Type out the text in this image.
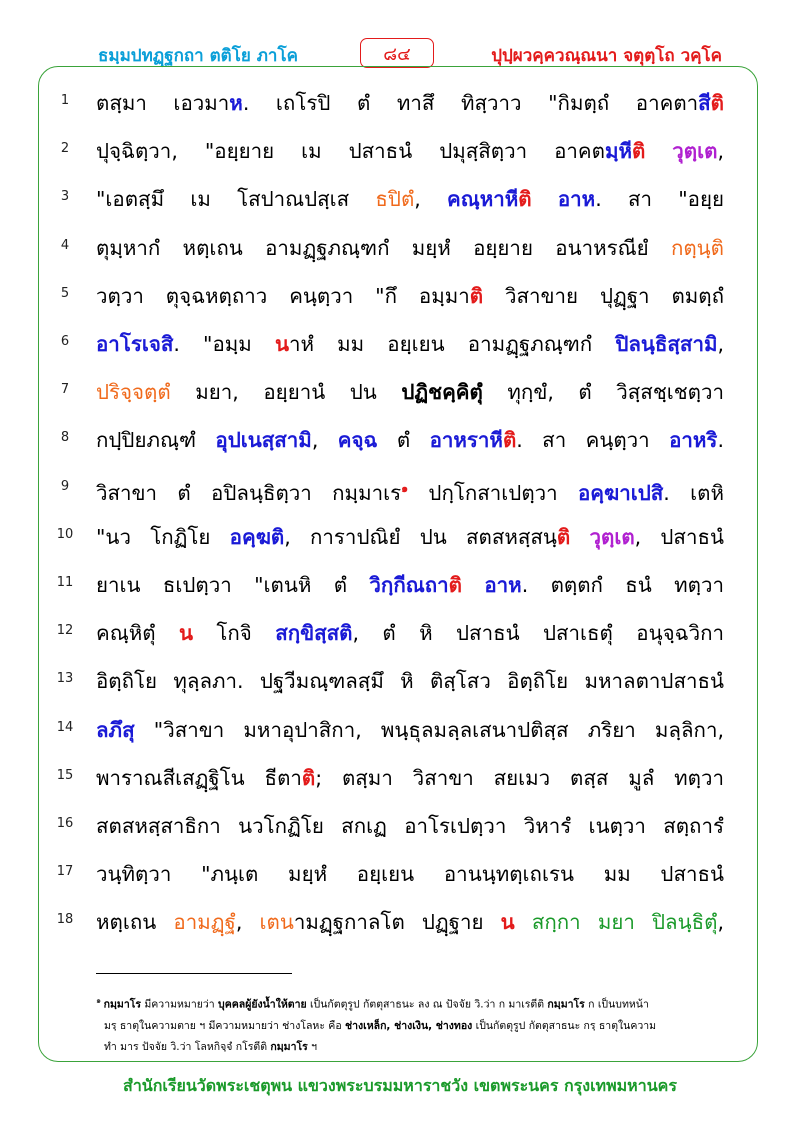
ธมฺมปทฏฺฐกถา ตติโย ภาโค	๘๔	ปุปฺผวคฺควณฺณนา จตุตฺโถ วคฺโค
1	ตสฺมา เอวมาห. เถโรปิ ตํ ทาสึ ทิสฺวาว "กิมตฺถํ อาคตาสีติ
2	ปุจฺฉิตฺวา, "อยฺยาย เม ปสาธนํ ปมุสฺสิตฺวา อาคตมฺหีติ วุตฺเต,
3	"เอตสฺมึ เม โสปาณปสฺเส ธปิตํ, คณฺหาหีติ อาห. สา "อยฺย
4	ตุมฺหากํ หตฺเถน อามฏฺฐภณฺฑกํ มยฺหํ อยฺยาย อนาหรณียํ กตฺนฺติ
5	วตฺวา ตุจฺฉหตฺถาว คนฺตฺวา "กึ อมฺมาติ วิสาขาย ปุฏฺฐา ตมตฺถํ
6	อาโรเจสิ. "อมฺม นาหํ มม อยฺเยน อามฏฺฐภณฺฑกํ ปิลนฺธิสฺสามิ,
7	ปริจฺจตฺตํ มยา, อยฺยานํ ปน ปฏิชคฺคิตุํ ทุกฺขํ, ตํ วิสฺสชฺเชตฺวา
8	กปฺปิยภณฺฑํ อุปเนสฺสามิ, คจฺฉ ตํ อาหราหีติ. สา คนฺตฺวา อาหริ.
9	วิสาขา ตํ อปิลนฺธิตฺวา กมฺมาเร$^๑$ ปกฺโกสาเปตฺวา อคฺฆาเปสิ. เตหิ
10	"นว โกฏิโย อคฺฆติ, การาปณิยํ ปน สตสหสฺสนฺติ วุตฺเต, ปสาธนํ
11	ยาเน ธเปตฺวา "เตนหิ ตํ วิกฺกีณถาติ อาห. ตตฺตกํ ธนํ ทตฺวา
12	คณฺหิตุํ น โกจิ สกฺขิสฺสติ, ตํ หิ ปสาธนํ ปสาเธตุํ อนุจฺฉวิกา
13	อิตฺถิโย ทุลฺลภา. ปฐวีมณฺฑลสฺมึ หิ ติสฺโสว อิตฺถิโย มหาลตาปสาธนํ
14	ลภึสุ "วิสาขา มหาอุปาสิกา, พนฺธุลมลฺลเสนาปติสฺส ภริยา มลฺลิกา,
15	พาราณสีเสฏฺฐิโน ธีตาติ; ตสฺมา วิสาขา สยเมว ตสฺส มูลํ ทตฺวา
16	สตสหสฺสาธิกา นวโกฏิโย สกเฏ อาโรเปตฺวา วิหารํ เนตฺวา สตฺถารํ
17	วนฺทิตฺวา "ภนฺเต มยฺหํ อยฺเยน อานนฺทตฺเถเรน มม ปสาธนํ
18	หตฺเถน อามฏฺฐํ, เตนามฏฺฐกาลโต ปฏฺฐาย น สกฺกา มยา ปิลนฺธิตุํ,
$^๑$ กมฺมาโร มีความหมายว่า บุคคลผู้ยังน้ำให้ตาย เป็นกัตตุรูป กัตตุสาธนะ ลง ณ ปัจจัย วิ.ว่า ก มาเรตีติ กมฺมาโร ก เป็นบทหน้า
มรฺ ธาตุในความตาย ฯ มีความหมายว่า ช่างโลหะ คือ ช่างเหล็ก, ช่างเงิน, ช่างทอง เป็นกัตตุรูป กัตตุสาธนะ กรฺ ธาตุในความ
ทำ มาร ปัจจัย วิ.ว่า โลหกิจฺจํ กโรตีติ กมฺมาโร ฯ
สำนักเรียนวัดพระเชตุพน แขวงพระบรมมหาราชวัง เขตพระนคร กรุงเทพมหานคร
